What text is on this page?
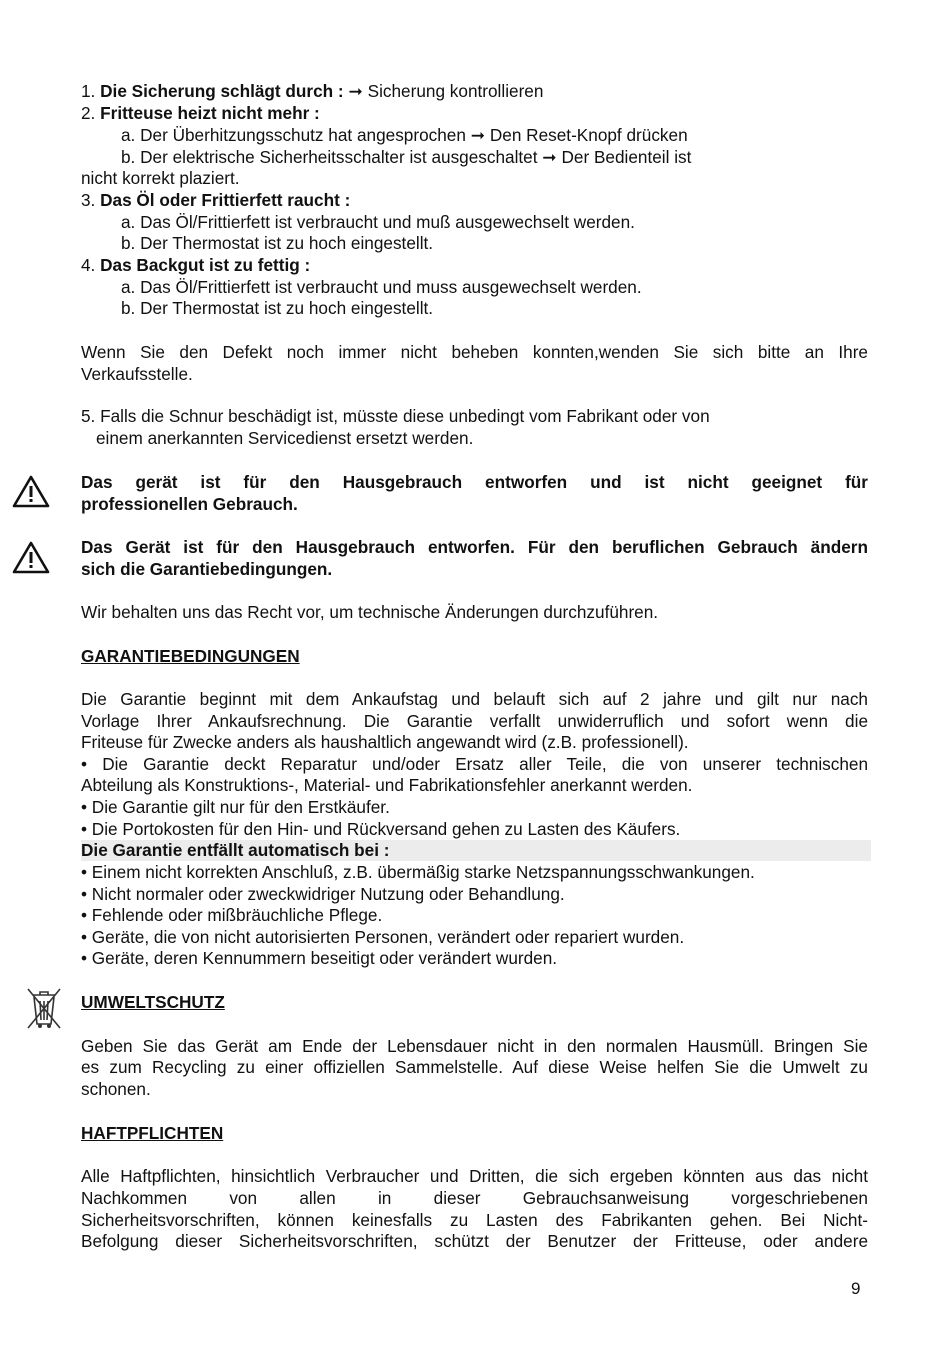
1. Die Sicherung schlägt durch : ➞ Sicherung kontrollieren
2. Fritteuse heizt nicht mehr :
a. Der Überhitzungsschutz hat angesprochen ➞ Den Reset-Knopf drücken
b. Der elektrische Sicherheitsschalter ist ausgeschaltet ➞ Der Bedienteil ist
nicht korrekt plaziert.
3. Das Öl oder Frittierfett raucht :
a. Das Öl/Frittierfett ist verbraucht und muß ausgewechselt werden.
b. Der Thermostat ist zu hoch eingestellt.
4. Das Backgut ist zu fettig :
a. Das Öl/Frittierfett ist verbraucht und muss ausgewechselt werden.
b. Der Thermostat ist zu hoch eingestellt.
Wenn Sie den Defekt noch immer nicht beheben konnten,wenden Sie sich bitte an Ihre
Verkaufsstelle.
5. Falls die Schnur beschädigt ist, müsste diese unbedingt vom Fabrikant oder von
einem anerkannten Servicedienst ersetzt werden.
Das gerät ist für den Hausgebrauch entworfen und ist nicht geeignet für
professionellen Gebrauch.
Das Gerät ist für den Hausgebrauch entworfen. Für den beruflichen Gebrauch ändern
sich die Garantiebedingungen.
Wir behalten uns das Recht vor, um technische Änderungen durchzuführen.
GARANTIEBEDINGUNGEN
Die Garantie beginnt mit dem Ankaufstag und belauft sich auf 2 jahre und gilt nur nach
Vorlage Ihrer Ankaufsrechnung. Die Garantie verfallt unwiderruflich und sofort wenn die
Friteuse für Zwecke anders als haushaltlich angewandt wird (z.B. professionell).
• Die Garantie deckt Reparatur und/oder Ersatz aller Teile, die von unserer technischen
Abteilung als Konstruktions-, Material- und Fabrikationsfehler anerkannt werden.
• Die Garantie gilt nur für den Erstkäufer.
• Die Portokosten für den Hin- und Rückversand gehen zu Lasten des Käufers.
Die Garantie entfällt automatisch bei :
• Einem nicht korrekten Anschluß, z.B. übermäßig starke Netzspannungsschwankungen.
• Nicht normaler oder zweckwidriger Nutzung oder Behandlung.
• Fehlende oder mißbräuchliche Pflege.
• Geräte, die von nicht autorisierten Personen, verändert oder repariert wurden.
• Geräte, deren Kennummern beseitigt oder verändert wurden.
UMWELTSCHUTZ
Geben Sie das Gerät am Ende der Lebensdauer nicht in den normalen Hausmüll. Bringen Sie
es zum Recycling zu einer offiziellen Sammelstelle. Auf diese Weise helfen Sie die Umwelt zu
schonen.
HAFTPFLICHTEN
Alle Haftpflichten, hinsichtlich Verbraucher und Dritten, die sich ergeben könnten aus das nicht
Nachkommen von allen in dieser Gebrauchsanweisung vorgeschriebenen
Sicherheitsvorschriften, können keinesfalls zu Lasten des Fabrikanten gehen. Bei Nicht-
Befolgung dieser Sicherheitsvorschriften, schützt der Benutzer der Fritteuse, oder andere
9
